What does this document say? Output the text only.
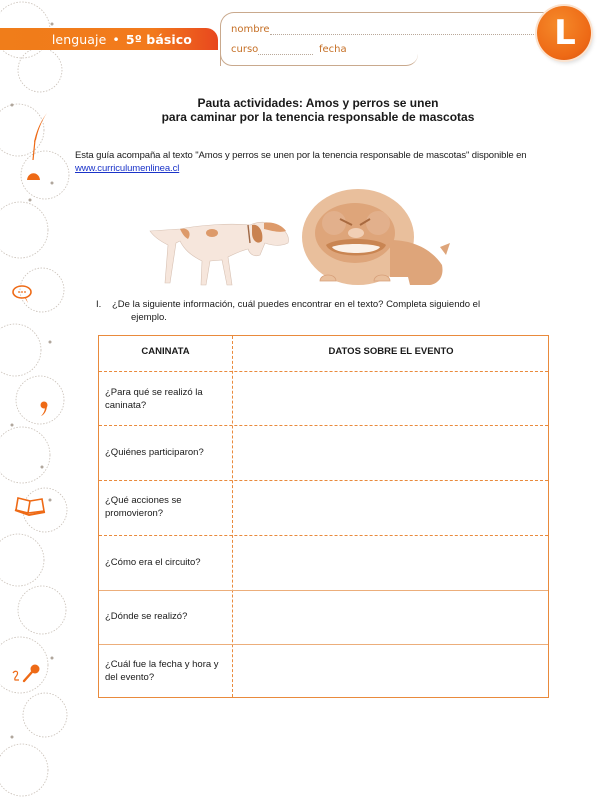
lenguaje • 5º básico
nombre
curso	fecha	L
Pauta actividades: Amos y perros se unen
para caminar por la tenencia responsable de mascotas
Esta guía acompaña al texto "Amos y perros se unen por la tenencia responsable de mascotas" disponible en www.curriculumenlinea.cl
I.	¿De la siguiente información, cuál puedes encontrar en el texto? Completa siguiendo el
ejemplo.
CANINATA	DATOS SOBRE EL EVENTO
¿Para qué se realizó la caninata?
¿Quiénes participaron?
¿Qué acciones se promovieron?
¿Cómo era el circuito?
¿Dónde se realizó?
¿Cuál fue la fecha y hora y del evento?
